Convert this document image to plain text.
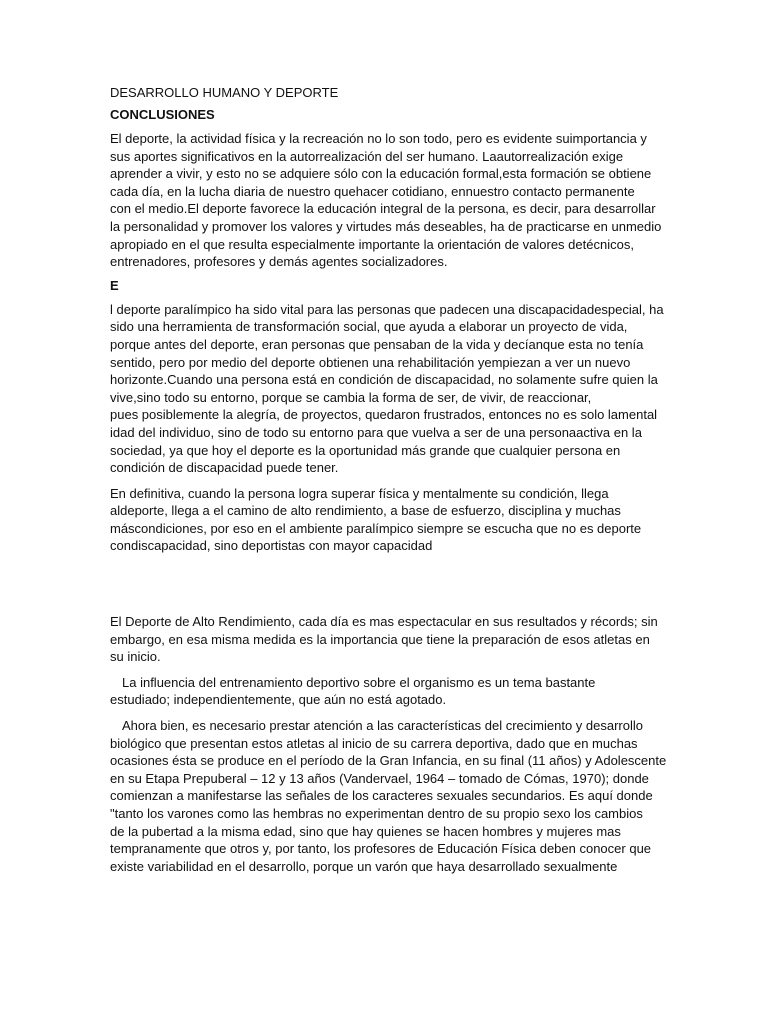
DESARROLLO HUMANO Y DEPORTE
CONCLUSIONES
El deporte, la actividad física y la recreación no lo son todo, pero es evidente suimportancia y
sus aportes significativos en la autorrealización del ser humano. Laautorrealización exige
aprender a vivir, y esto no se adquiere sólo con la educación formal,esta formación se obtiene
cada día, en la lucha diaria de nuestro quehacer cotidiano, ennuestro contacto permanente
con el medio.El deporte favorece la educación integral de la persona, es decir, para desarrollar
la personalidad y promover los valores y virtudes más deseables, ha de practicarse en unmedio
apropiado en el que resulta especialmente importante la orientación de valores detécnicos,
entrenadores, profesores y demás agentes socializadores.
E
l deporte paralímpico ha sido vital para las personas que padecen una discapacidadespecial, ha
sido una herramienta de transformación social, que ayuda a elaborar un proyecto de vida,
porque antes del deporte, eran personas que pensaban de la vida y decíanque esta no tenía
sentido, pero por medio del deporte obtienen una rehabilitación yempiezan a ver un nuevo
horizonte.Cuando una persona está en condición de discapacidad, no solamente sufre quien la
vive,sino todo su entorno, porque se cambia la forma de ser, de vivir, de reaccionar,
pues posiblemente la alegría, de proyectos, quedaron frustrados, entonces no es solo lamental
idad del individuo, sino de todo su entorno para que vuelva a ser de una personaactiva en la
sociedad, ya que hoy el deporte es la oportunidad más grande que cualquier persona en
condición de discapacidad puede tener.
En definitiva, cuando la persona logra superar física y mentalmente su condición, llega
aldeporte, llega a el camino de alto rendimiento, a base de esfuerzo, disciplina y muchas
máscondiciones, por eso en el ambiente paralímpico siempre se escucha que no es deporte
condiscapacidad, sino deportistas con mayor capacidad
El Deporte de Alto Rendimiento, cada día es mas espectacular en sus resultados y récords; sin
embargo, en esa misma medida es la importancia que tiene la preparación de esos atletas en
su inicio.
La influencia del entrenamiento deportivo sobre el organismo es un tema bastante
estudiado; independientemente, que aún no está agotado.
Ahora bien, es necesario prestar atención a las características del crecimiento y desarrollo
biológico que presentan estos atletas al inicio de su carrera deportiva, dado que en muchas
ocasiones ésta se produce en el período de la Gran Infancia, en su final (11 años) y Adolescente
en su Etapa Prepuberal – 12 y 13 años (Vandervael, 1964 – tomado de Cómas, 1970); donde
comienzan a manifestarse las señales de los caracteres sexuales secundarios. Es aquí donde
"tanto los varones como las hembras no experimentan dentro de su propio sexo los cambios
de la pubertad a la misma edad, sino que hay quienes se hacen hombres y mujeres mas
tempranamente que otros y, por tanto, los profesores de Educación Física deben conocer que
existe variabilidad en el desarrollo, porque un varón que haya desarrollado sexualmente
